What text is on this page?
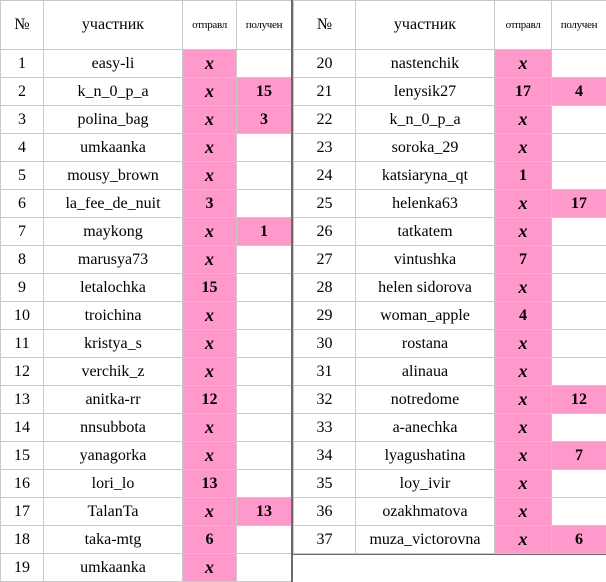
№	участник	отправл	получен
1	easy-li	x	
2	k_n_0_p_a	x	15
3	polina_bag	x	3
4	umkaanka	x	
5	mousy_brown	x	
6	la_fee_de_nuit	3	
7	maykong	x	1
8	marusya73	x	
9	letalochka	15	
10	troichina	x	
11	kristya_s	x	
12	verchik_z	x	
13	anitka-rr	12	
14	nnsubbota	x	
15	yanagorka	x	
16	lori_lo	13	
17	TalanTa	x	13
18	taka-mtg	6	
19	umkaanka	x	
№	участник	отправл	получен
20	nastenchik	x	
21	lenysik27	17	4
22	k_n_0_p_a	x	
23	soroka_29	x	
24	katsiaryna_qt	1	
25	helenka63	x	17
26	tatkatem	x	
27	vintushka	7	
28	helen sidorova	x	
29	woman_apple	4	
30	rostana	x	
31	alinaua	x	
32	notredome	x	12
33	a-anechka	x	
34	lyagushatina	x	7
35	loy_ivir	x	
36	ozakhmatova	x	
37	muza_victorovna	x	6
